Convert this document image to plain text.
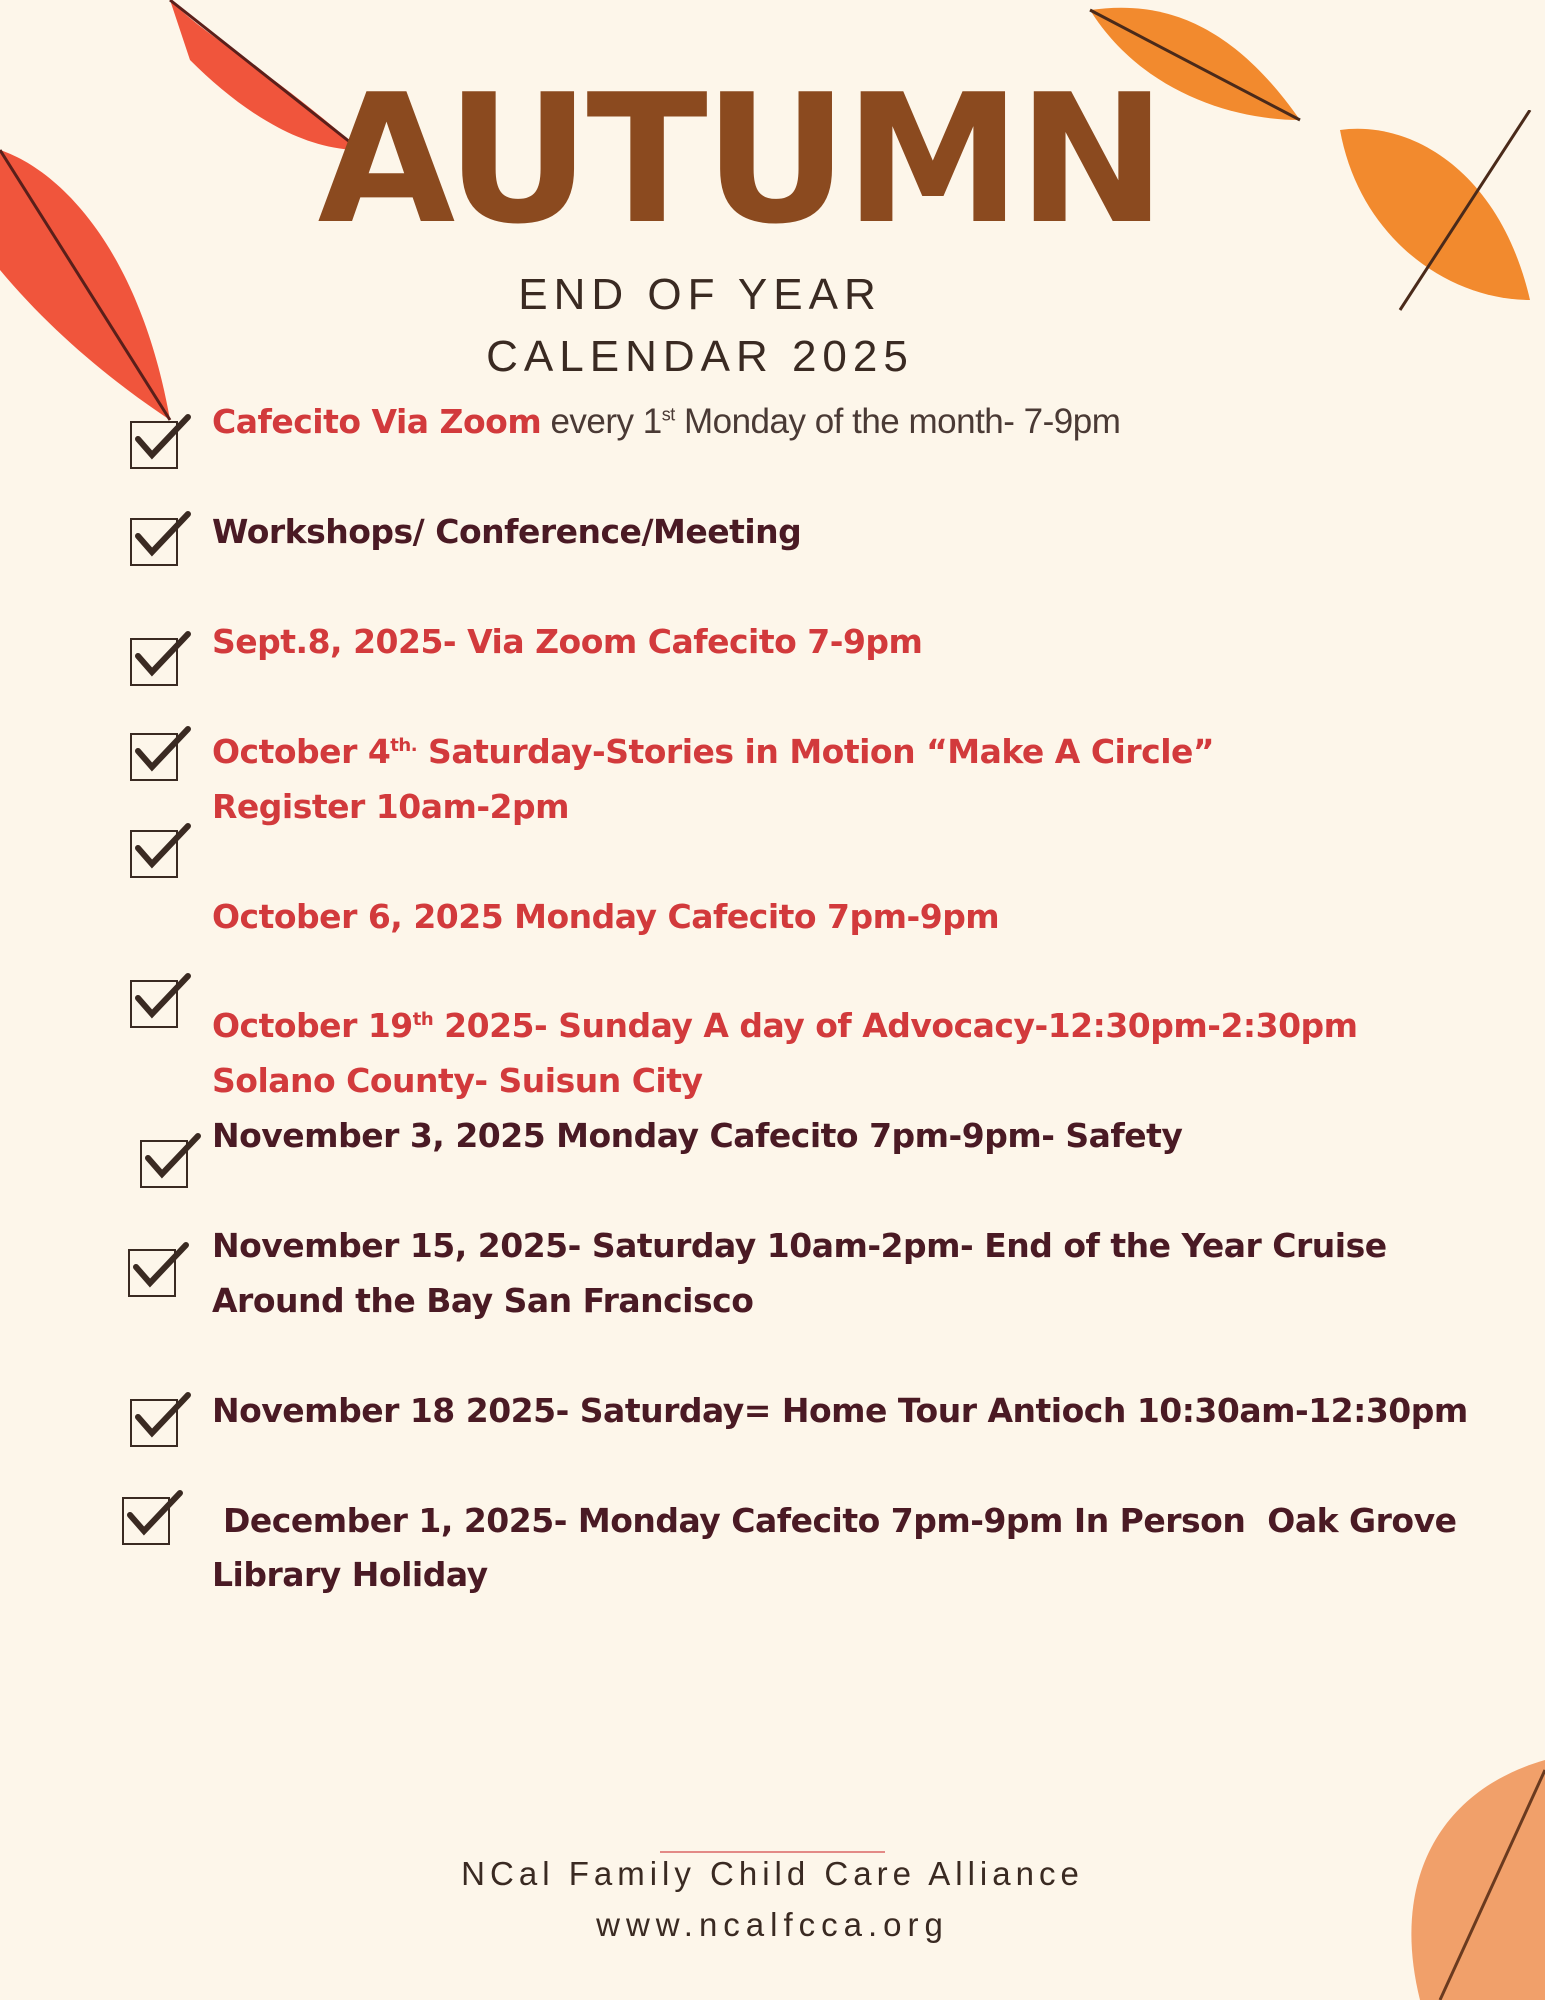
AUTUMN
END OF YEAR
CALENDAR 2025
Cafecito Via Zoom every 1st Monday of the month- 7-9pm
Workshops/ Conference/Meeting
Sept.8, 2025- Via Zoom Cafecito 7-9pm
October $4^{th.}$ Saturday-Stories in Motion “Make A Circle”
Register 10am-2pm
October 6, 2025 Monday Cafecito 7pm-9pm
October 19th 2025- Sunday A day of Advocacy-12:30pm-2:30pm
Solano County- Suisun City
November 3, 2025 Monday Cafecito 7pm-9pm- Safety
November 15, 2025- Saturday 10am-2pm- End of the Year Cruise
Around the Bay San Francisco
November 18 2025- Saturday= Home Tour Antioch 10:30am-12:30pm
December 1, 2025- Monday Cafecito 7pm-9pm In Person  Oak Grove
Library Holiday
NCal Family Child Care Alliance
www.ncalfcca.org
